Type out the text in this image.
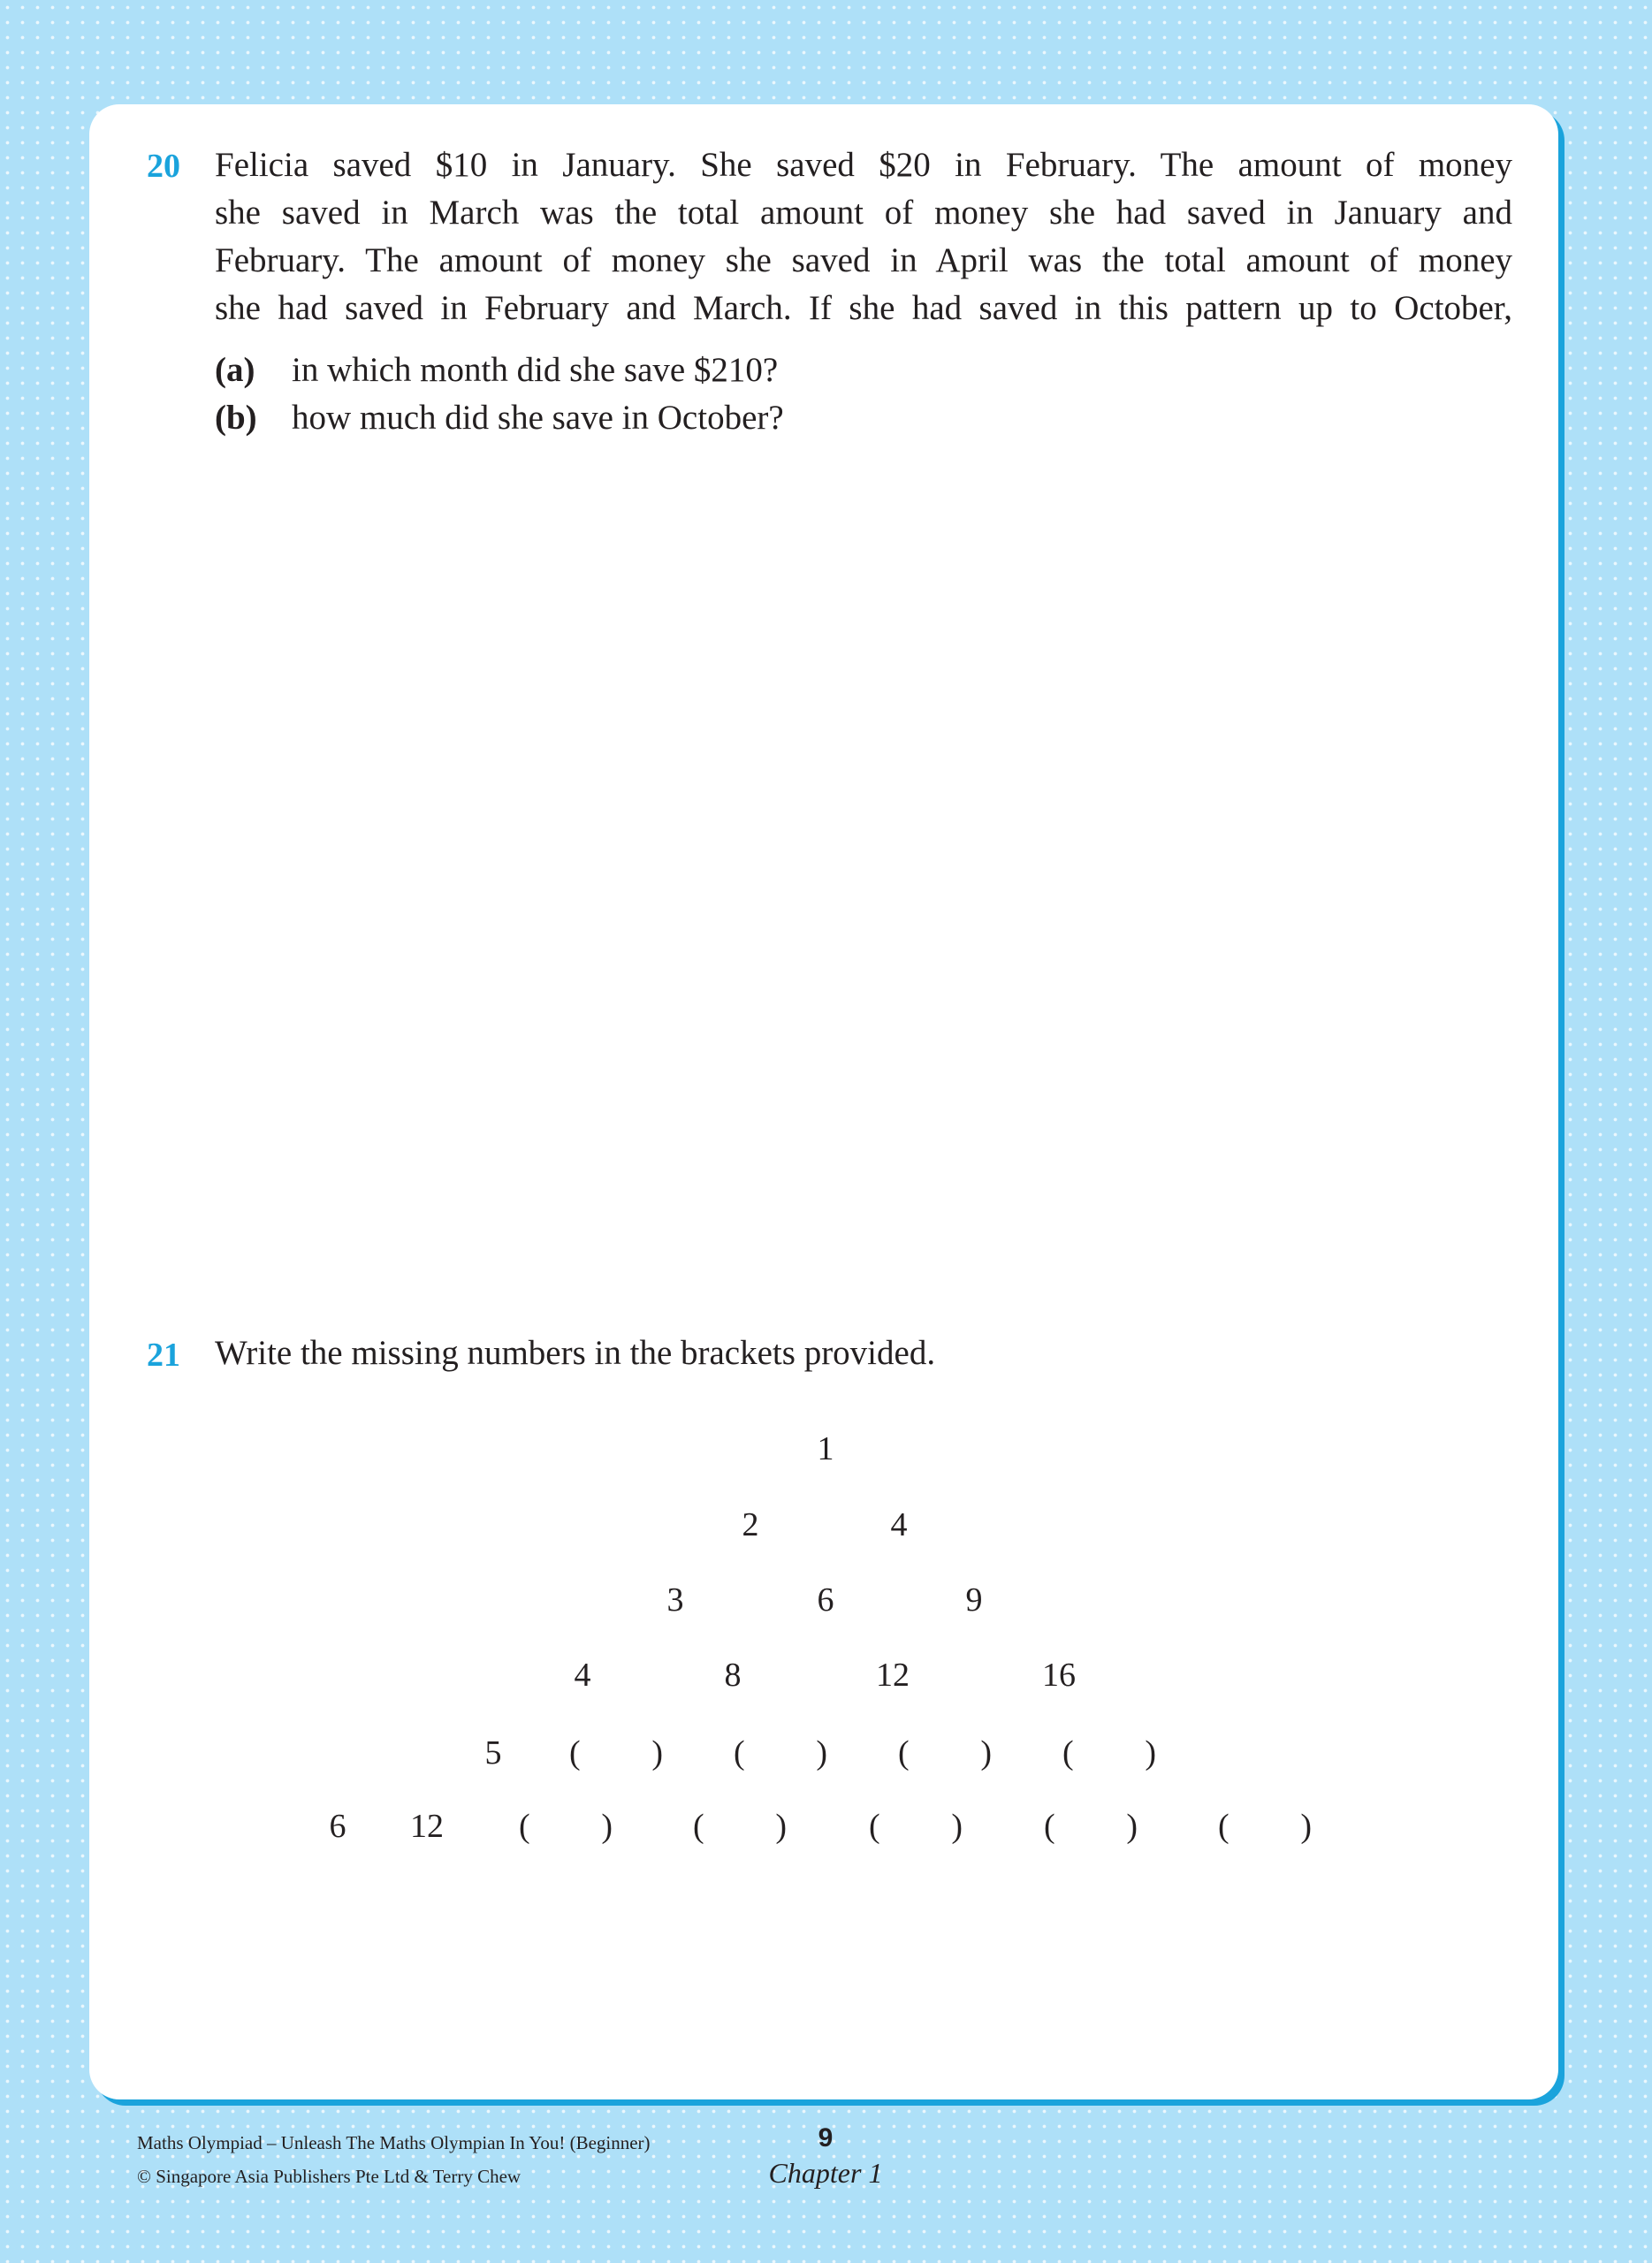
20 Felicia saved $10 in January. She saved $20 in February. The amount of money
she saved in March was the total amount of money she had saved in January and
February. The amount of money she saved in April was the total amount of money
she had saved in February and March. If she had saved in this pattern up to October,
(a) in which month did she save $210?
(b) how much did she save in October?
21 Write the missing numbers in the brackets provided.
1
2	4
3	6	9
4	8	12	16
5 ( ) ( ) ( ) ( )
6 12 ( ) ( ) ( ) ( ) ( )
Maths Olympiad – Unleash The Maths Olympian In You! (Beginner)
© Singapore Asia Publishers Pte Ltd & Terry Chew
9
Chapter 1
